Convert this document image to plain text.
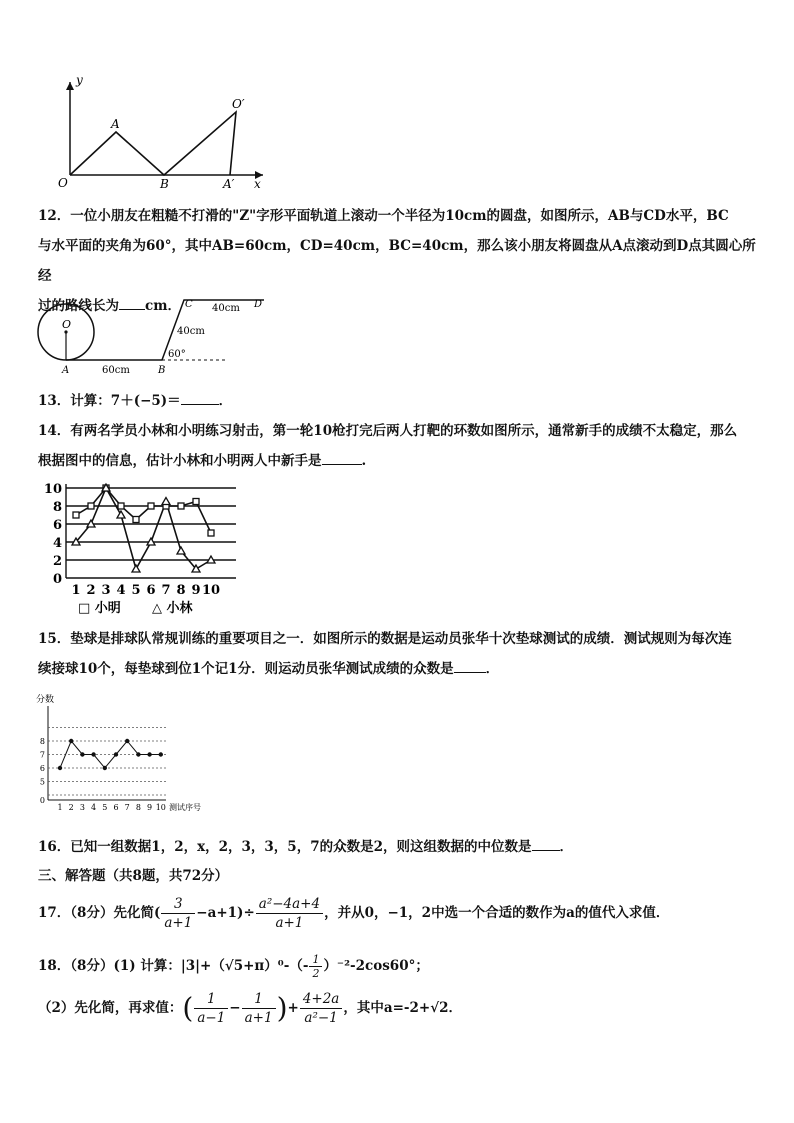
y
x
O
A
B	A′
O′
12．一位小朋友在粗糙不打滑的"Z"字形平面轨道上滚动一个半径为10cm的圆盘，如图所示，AB与CD水平，BC
与水平面的夹角为60°，其中AB=60cm，CD=40cm，BC=40cm，那么该小朋友将圆盘从A点滚动到D点其圆心所经
过的路线长为 cm．
O
A	B
C	D
60cm
40cm
40cm
60°
13．计算：7＋(−5)＝	．
14．有两名学员小林和小明练习射击，第一轮10枪打完后两人打靶的环数如图所示，通常新手的成绩不太稳定，那么
根据图中的信息，估计小林和小明两人中新手是	.
10
8
6
4
2
0
1 2 3 4 5 6 7 8 9 10
□ 小明 △ 小林
15．垫球是排球队常规训练的重要项目之一．如图所示的数据是运动员张华十次垫球测试的成绩．测试规则为每次连
续接球10个，每垫球到位1个记1分．则运动员张华测试成绩的众数是 ．
分数
5
6
7
8
0
1 2 3 4 5 6 7 8 9 10 测试序号
16．已知一组数据1，2，x，2，3，3，5，7的众数是2，则这组数据的中位数是 ．
三、解答题（共8题，共72分）
17．（8分）先化简( $\frac{3}{a+1} -a+1)\div \frac{\text{a²−4a+4}}{a+1}$ ，并从0，−1，2中选一个合适的数作为a的值代入求值．
18．（8分）(1) 计算：$|3|+(√5+\pi)^0-(- \frac{1}{2} )^{-2}-2\cos 60^\circ$；
（2）先化简，再求值：( $\frac{1}{a-1} - \frac{1}{a+1}$ )+ $\frac{4+2a}{\text{a²−1}}$ ，其中a=-2+√2．
